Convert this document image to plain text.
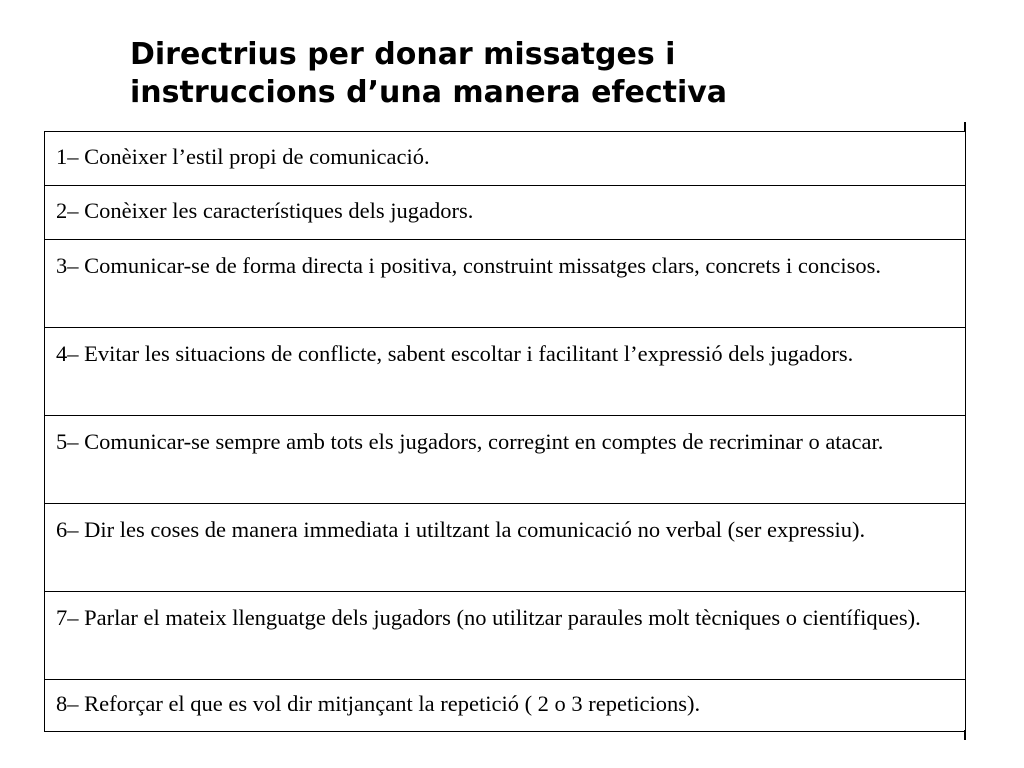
Directrius per donar missatges i
instruccions d’una manera efectiva
1– Conèixer l’estil propi de comunicació.

2– Conèixer les característiques dels jugadors.

3– Comunicar-se de forma directa i positiva, construint missatges clars, concrets i concisos.

4– Evitar les situacions de conflicte, sabent escoltar i facilitant l’expressió dels jugadors.

5– Comunicar-se sempre amb tots els jugadors, corregint en comptes de recriminar o atacar.

6– Dir les coses de manera immediata i utiltzant la comunicació no verbal (ser expressiu).

7– Parlar el mateix llenguatge dels jugadors (no utilitzar paraules molt tècniques o científiques).

8– Reforçar el que es vol dir mitjançant la repetició ( 2 o 3 repeticions).
